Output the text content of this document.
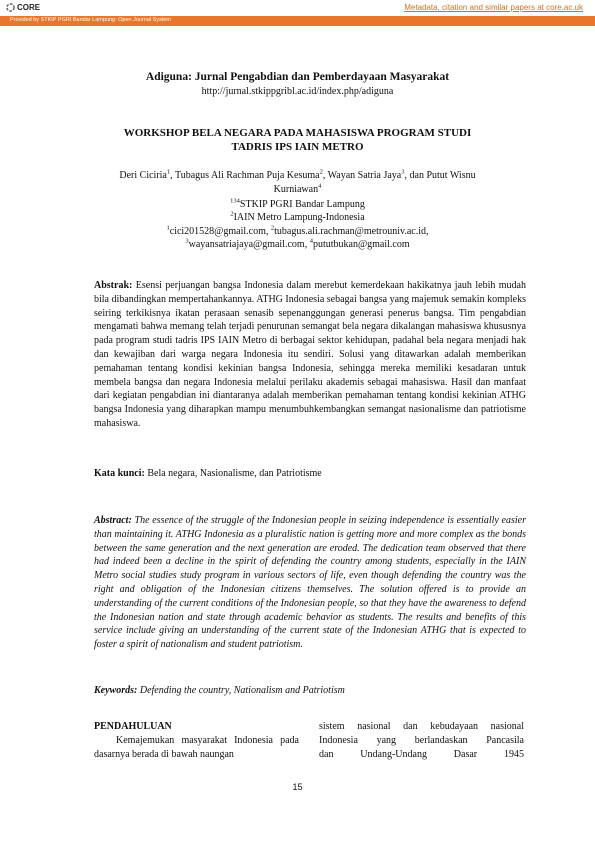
CORE	Metadata, citation and similar papers at core.ac.uk
Provided by STKIP PGRI Bandar Lampung: Open Journal System
Adiguna: Jurnal Pengabdian dan Pemberdayaan Masyarakat
http://jurnal.stkippgribl.ac.id/index.php/adiguna
WORKSHOP BELA NEGARA PADA MAHASISWA PROGRAM STUDI
TADRIS IPS IAIN METRO
Deri Ciciria$^1$, Tubagus Ali Rachman Puja Kesuma$^2$, Wayan Satria Jaya$^3$, dan Putut Wisnu Kurniawan$^4$
$^{134}$STKIP PGRI Bandar Lampung
$^2$IAIN Metro Lampung-Indonesia
$^1$cici201528@gmail.com, $^2$tubagus.ali.rachman@metrouniv.ac.id,
$^3$wayansatriajaya@gmail.com, $^4$pututbukan@gmail.com
Abstrak: Esensi perjuangan bangsa Indonesia dalam merebut kemerdekaan hakikatnya jauh lebih mudah bila dibandingkan mempertahankannya. ATHG Indonesia sebagai bangsa yang majemuk semakin kompleks seiring terkikisnya ikatan perasaan senasib sepenanggungan generasi penerus bangsa. Tim pengabdian mengamati bahwa memang telah terjadi penurunan semangat bela negara dikalangan mahasiswa khususnya pada program studi tadris IPS IAIN Metro di berbagai sektor kehidupan, padahal bela negara menjadi hak dan kewajiban dari warga negara Indonesia itu sendiri. Solusi yang ditawarkan adalah memberikan pemahaman tentang kondisi kekinian bangsa Indonesia, sehingga mereka memiliki kesadaran untuk membela bangsa dan negara Indonesia melalui perilaku akademis sebagai mahasiswa. Hasil dan manfaat dari kegiatan pengabdian ini diantaranya adalah memberikan pemahaman tentang kondisi kekinian ATHG bangsa Indonesia yang diharapkan mampu menumbuhkembangkan semangat nasionalisme dan patriotisme mahasiswa.
Kata kunci: Bela negara, Nasionalisme, dan Patriotisme
Abstract: The essence of the struggle of the Indonesian people in seizing independence is essentially easier than maintaining it. ATHG Indonesia as a pluralistic nation is getting more and more complex as the bonds between the same generation and the next generation are eroded. The dedication team observed that there had indeed been a decline in the spirit of defending the country among students, especially in the IAIN Metro social studies study program in various sectors of life, even though defending the country was the right and obligation of the Indonesian citizens themselves. The solution offered is to provide an understanding of the current conditions of the Indonesian people, so that they have the awareness to defend the Indonesian nation and state through academic behavior as students. The results and benefits of this service include giving an understanding of the current state of the Indonesian ATHG that is expected to foster a spirit of nationalism and student patriotism.
Keywords: Defending the country, Nationalism and Patriotism
PENDAHULUAN
Kemajemukan masyarakat Indonesia pada dasarnya berada di bawah naungan
sistem nasional dan kebudayaan nasional
Indonesia yang berlandaskan Pancasila
dan Undang-Undang Dasar 1945
15
